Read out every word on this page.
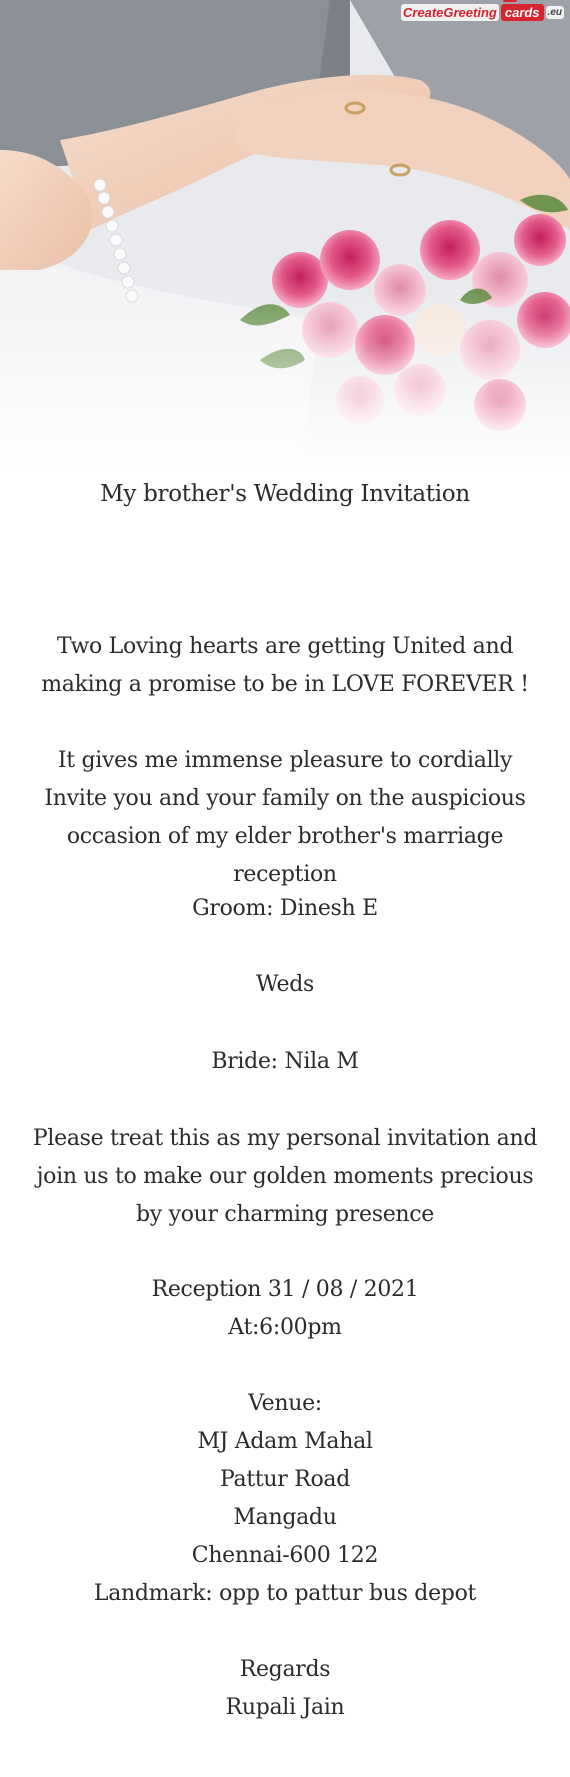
CreateGreeting cards .eu
My brother's Wedding Invitation
Two Loving hearts are getting United and making a promise to be in LOVE FOREVER !
It gives me immense pleasure to cordially Invite you and your family on the auspicious occasion of my elder brother's marriage reception
Groom: Dinesh E
Weds
Bride: Nila M
Please treat this as my personal invitation and join us to make our golden moments precious by your charming presence
Reception 31 / 08 / 2021
At:6:00pm
Venue:
MJ Adam Mahal
Pattur Road
Mangadu
Chennai-600 122
Landmark: opp to pattur bus depot
Regards
Rupali Jain
